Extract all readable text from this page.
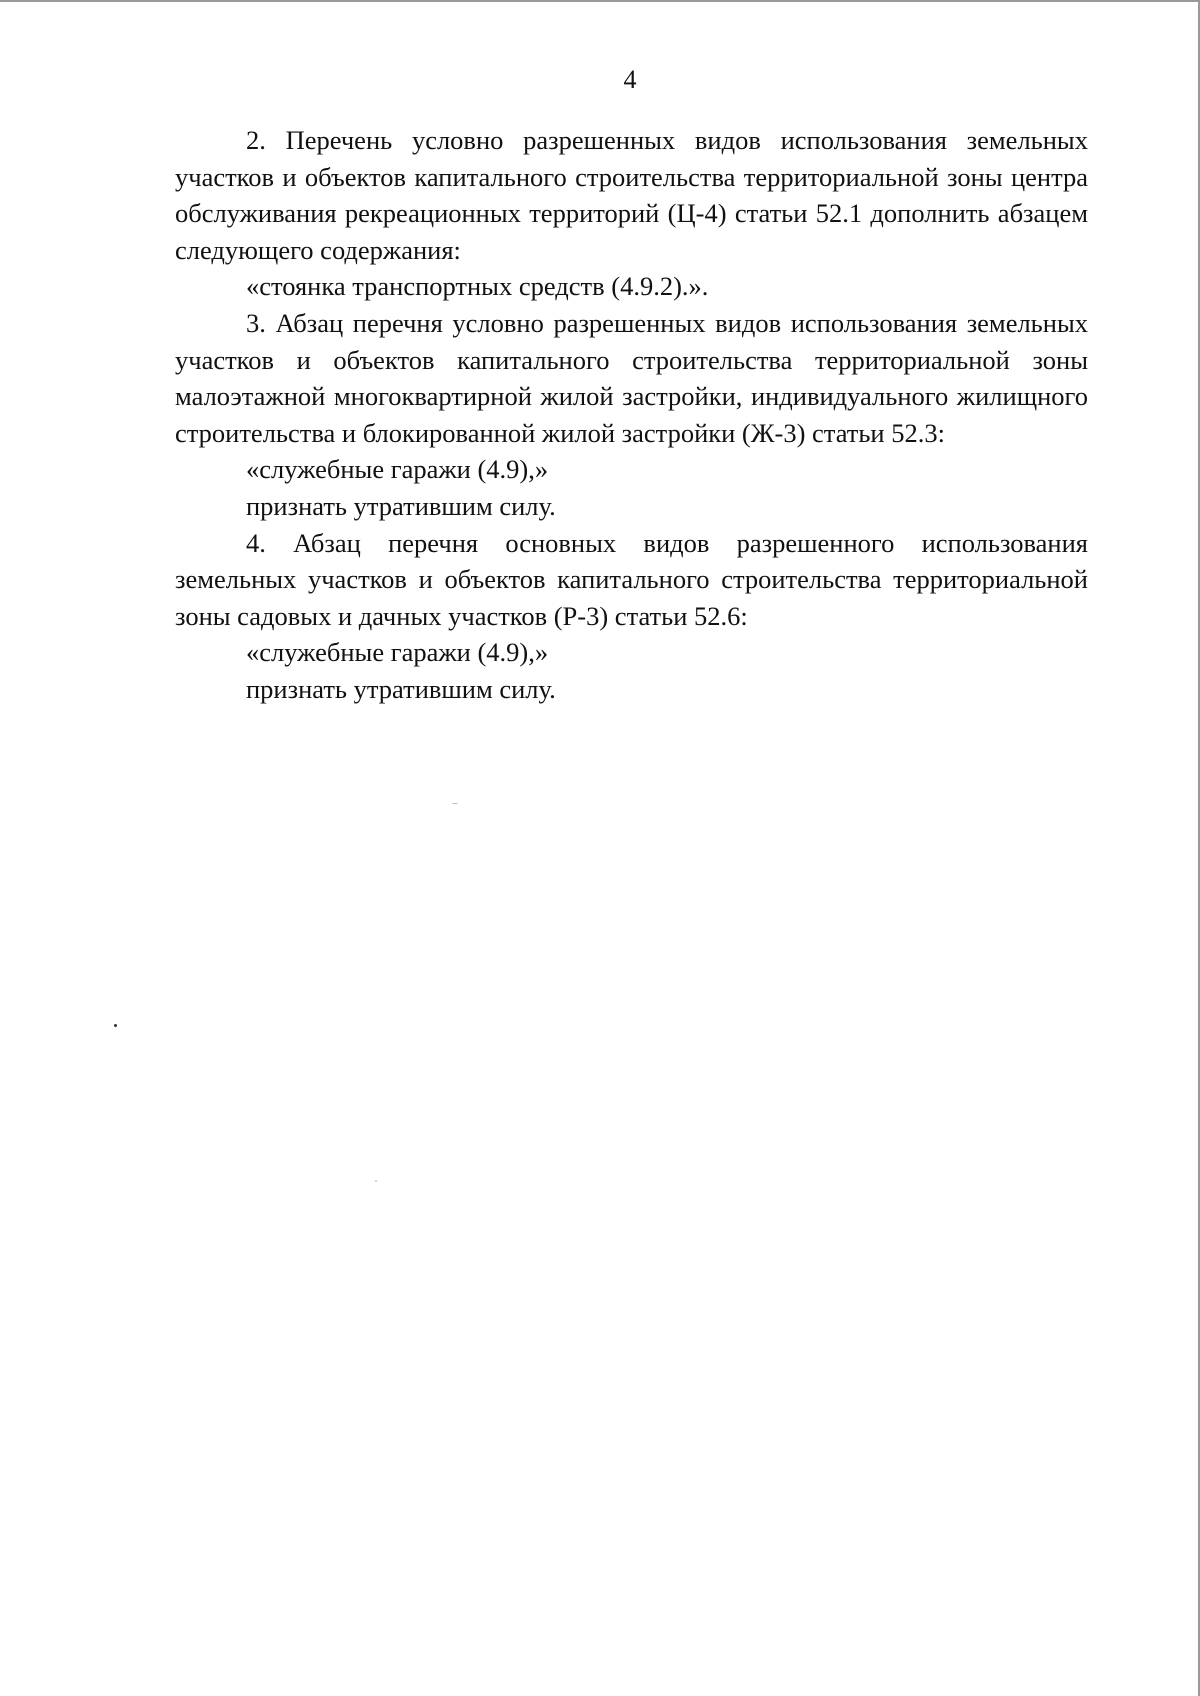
4

2. Перечень условно разрешенных видов использования земельных участков и объектов капитального строительства территориальной зоны центра обслуживания рекреационных территорий (Ц-4) статьи 52.1 дополнить абзацем следующего содержания:

«стоянка транспортных средств (4.9.2).».

3. Абзац перечня условно разрешенных видов использования земельных участков и объектов капитального строительства территориальной зоны малоэтажной многоквартирной жилой застройки, индивидуального жилищного строительства и блокированной жилой застройки (Ж-3) статьи 52.3:

«служебные гаражи (4.9),»

признать утратившим силу.

4. Абзац перечня основных видов разрешенного использования земельных участков и объектов капитального строительства территориальной зоны садовых и дачных участков (Р-3) статьи 52.6:

«служебные гаражи (4.9),»

признать утратившим силу.
